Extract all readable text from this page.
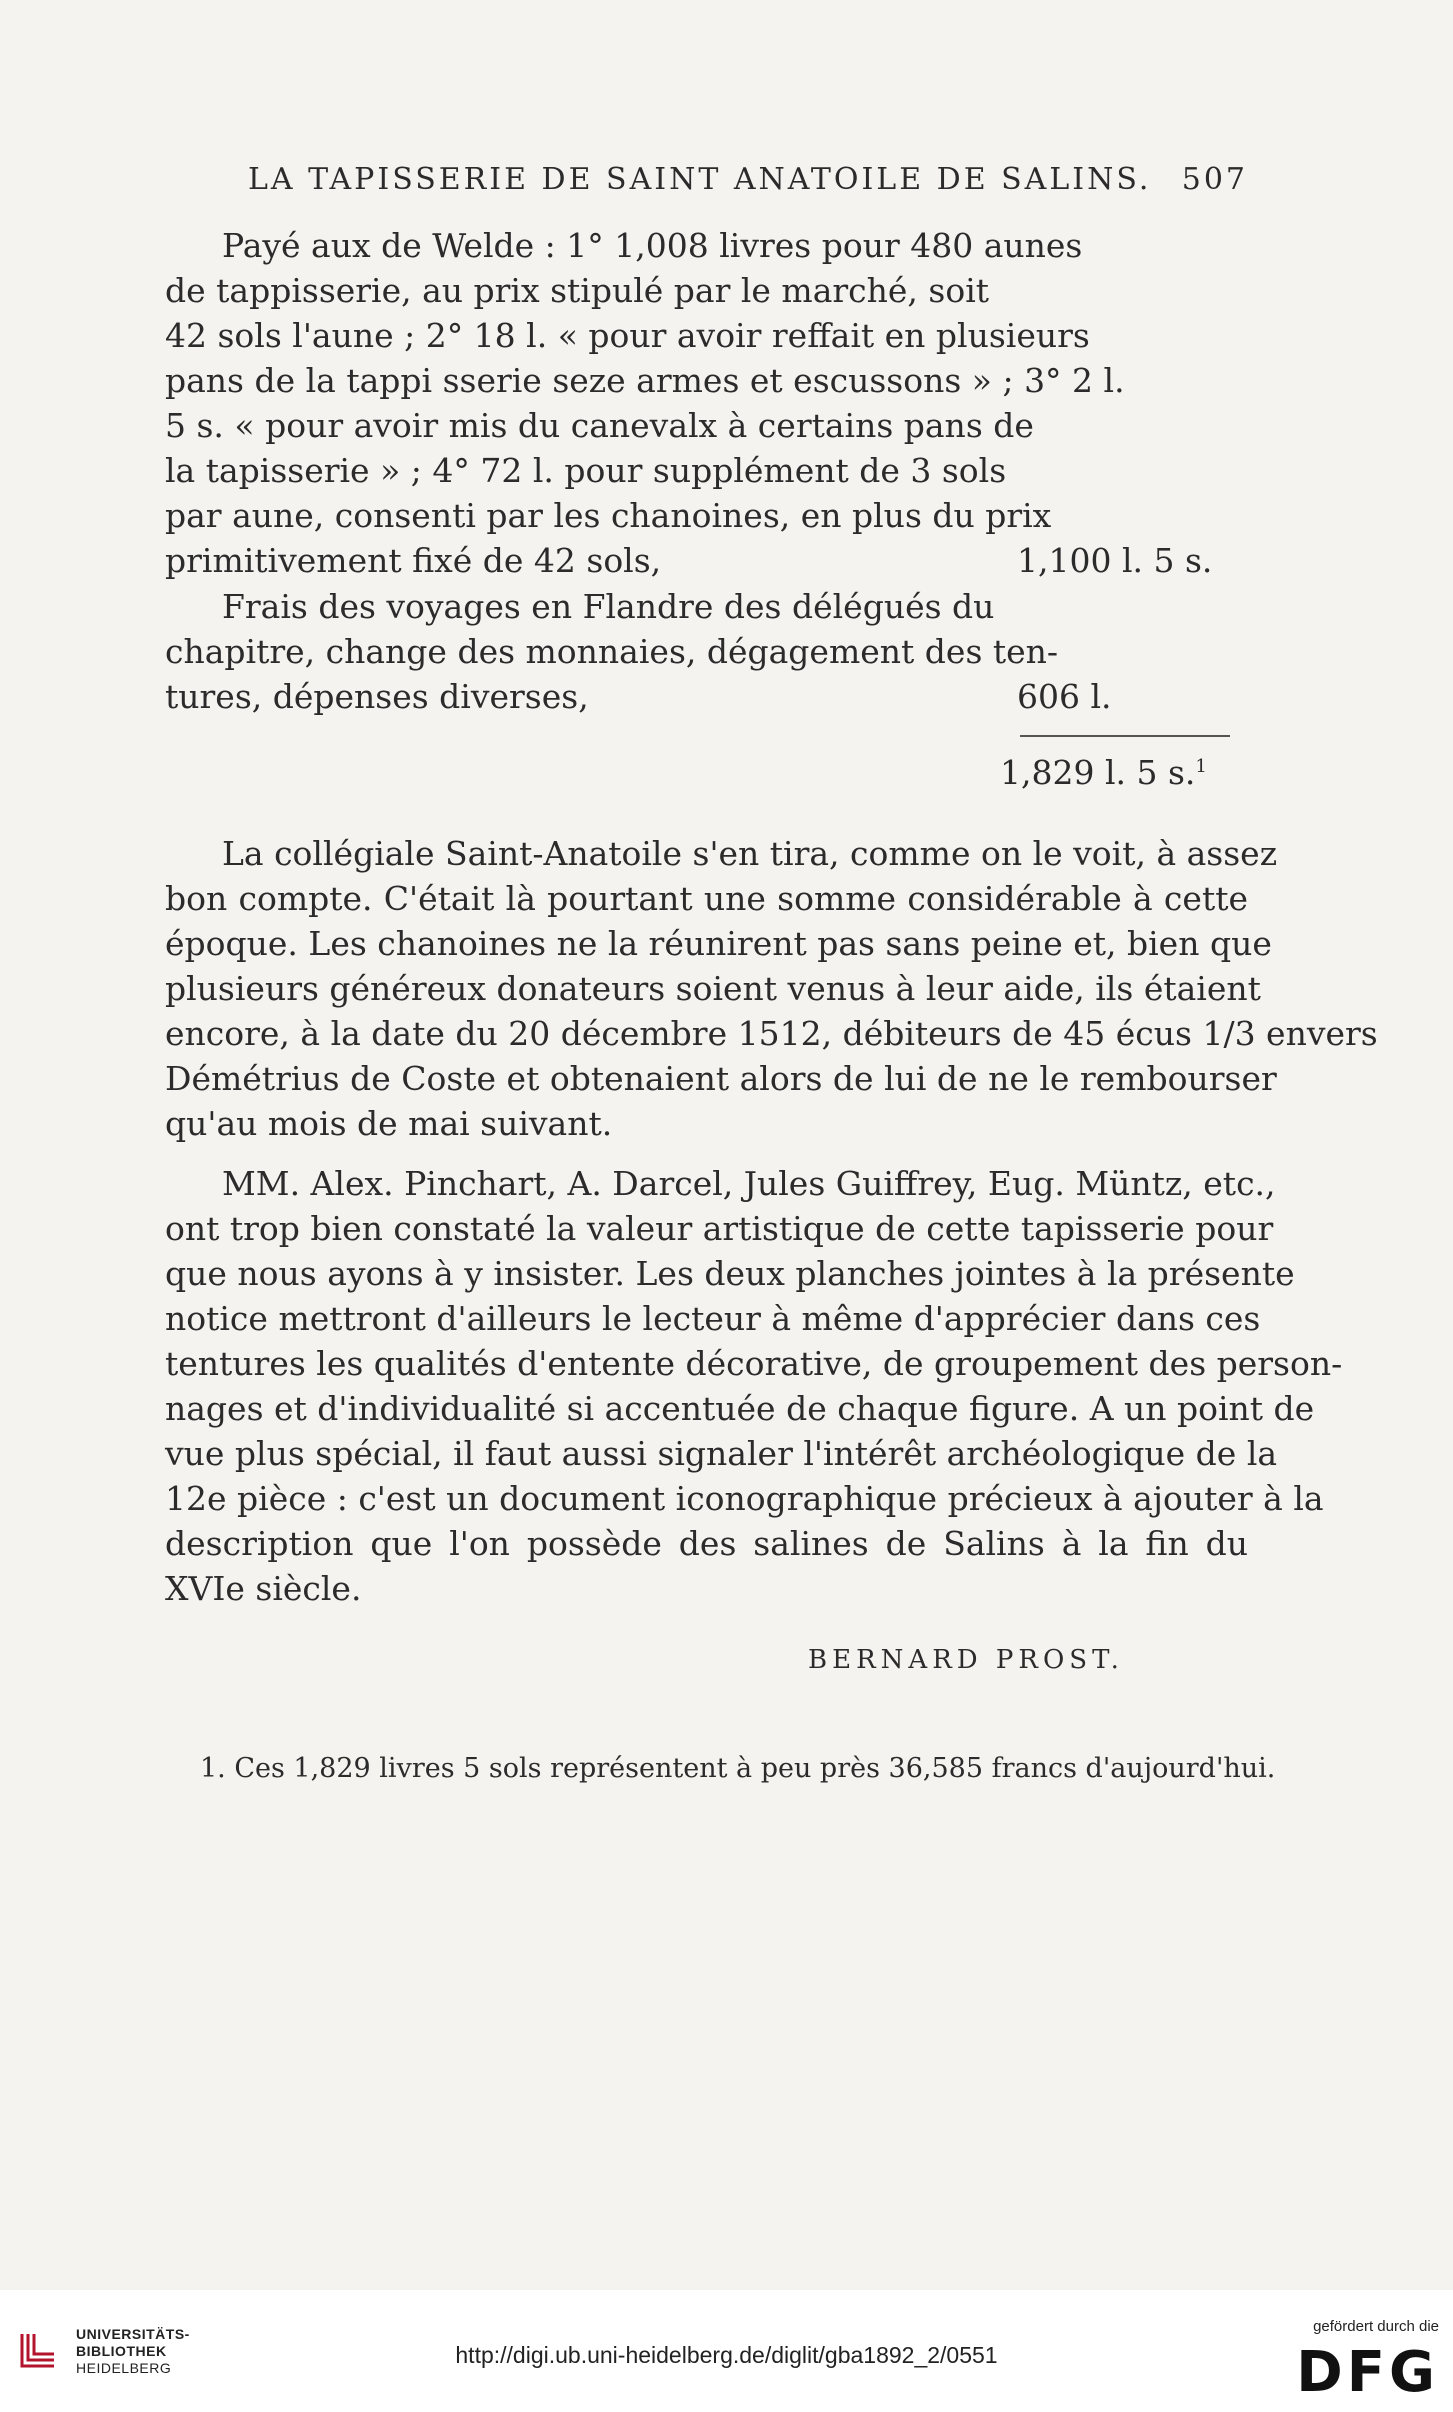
LA TAPISSERIE DE SAINT ANATOILE DE SALINS. 507
Payé aux de Welde : 1° 1,008 livres pour 480 aunes
de tappisserie, au prix stipulé par le marché, soit
42 sols l'aune ; 2° 18 l. « pour avoir reffait en plusieurs
pans de la tappi sserie seze armes et escussons » ; 3° 2 l.
5 s. « pour avoir mis du canevalx à certains pans de
la tapisserie » ; 4° 72 l. pour supplément de 3 sols
par aune, consenti par les chanoines, en plus du prix
primitivement fixé de 42 sols,	1,100 l. 5 s.
Frais des voyages en Flandre des délégués du
chapitre, change des monnaies, dégagement des ten-
tures, dépenses diverses,	606 l.
1,829 l. 5 s.$^1$
La collégiale Saint-Anatoile s'en tira, comme on le voit, à assez
bon compte. C'était là pourtant une somme considérable à cette
époque. Les chanoines ne la réunirent pas sans peine et, bien que
plusieurs généreux donateurs soient venus à leur aide, ils étaient
encore, à la date du 20 décembre 1512, débiteurs de 45 écus 1/3 envers
Démétrius de Coste et obtenaient alors de lui de ne le rembourser
qu'au mois de mai suivant.
MM. Alex. Pinchart, A. Darcel, Jules Guiffrey, Eug. Müntz, etc.,
ont trop bien constaté la valeur artistique de cette tapisserie pour
que nous ayons à y insister. Les deux planches jointes à la présente
notice mettront d'ailleurs le lecteur à même d'apprécier dans ces
tentures les qualités d'entente décorative, de groupement des person-
nages et d'individualité si accentuée de chaque figure. A un point de
vue plus spécial, il faut aussi signaler l'intérêt archéologique de la
12e pièce : c'est un document iconographique précieux à ajouter à la
description que l'on possède des salines de Salins à la fin du
XVIe siècle.
BERNARD PROST.
1. Ces 1,829 livres 5 sols représentent à peu près 36,585 francs d'aujourd'hui.
UNIVERSITÄTS-
BIBLIOTHEK
HEIDELBERG	http://digi.ub.uni-heidelberg.de/diglit/gba1892_2/0551
gefördert durch die
DFG
